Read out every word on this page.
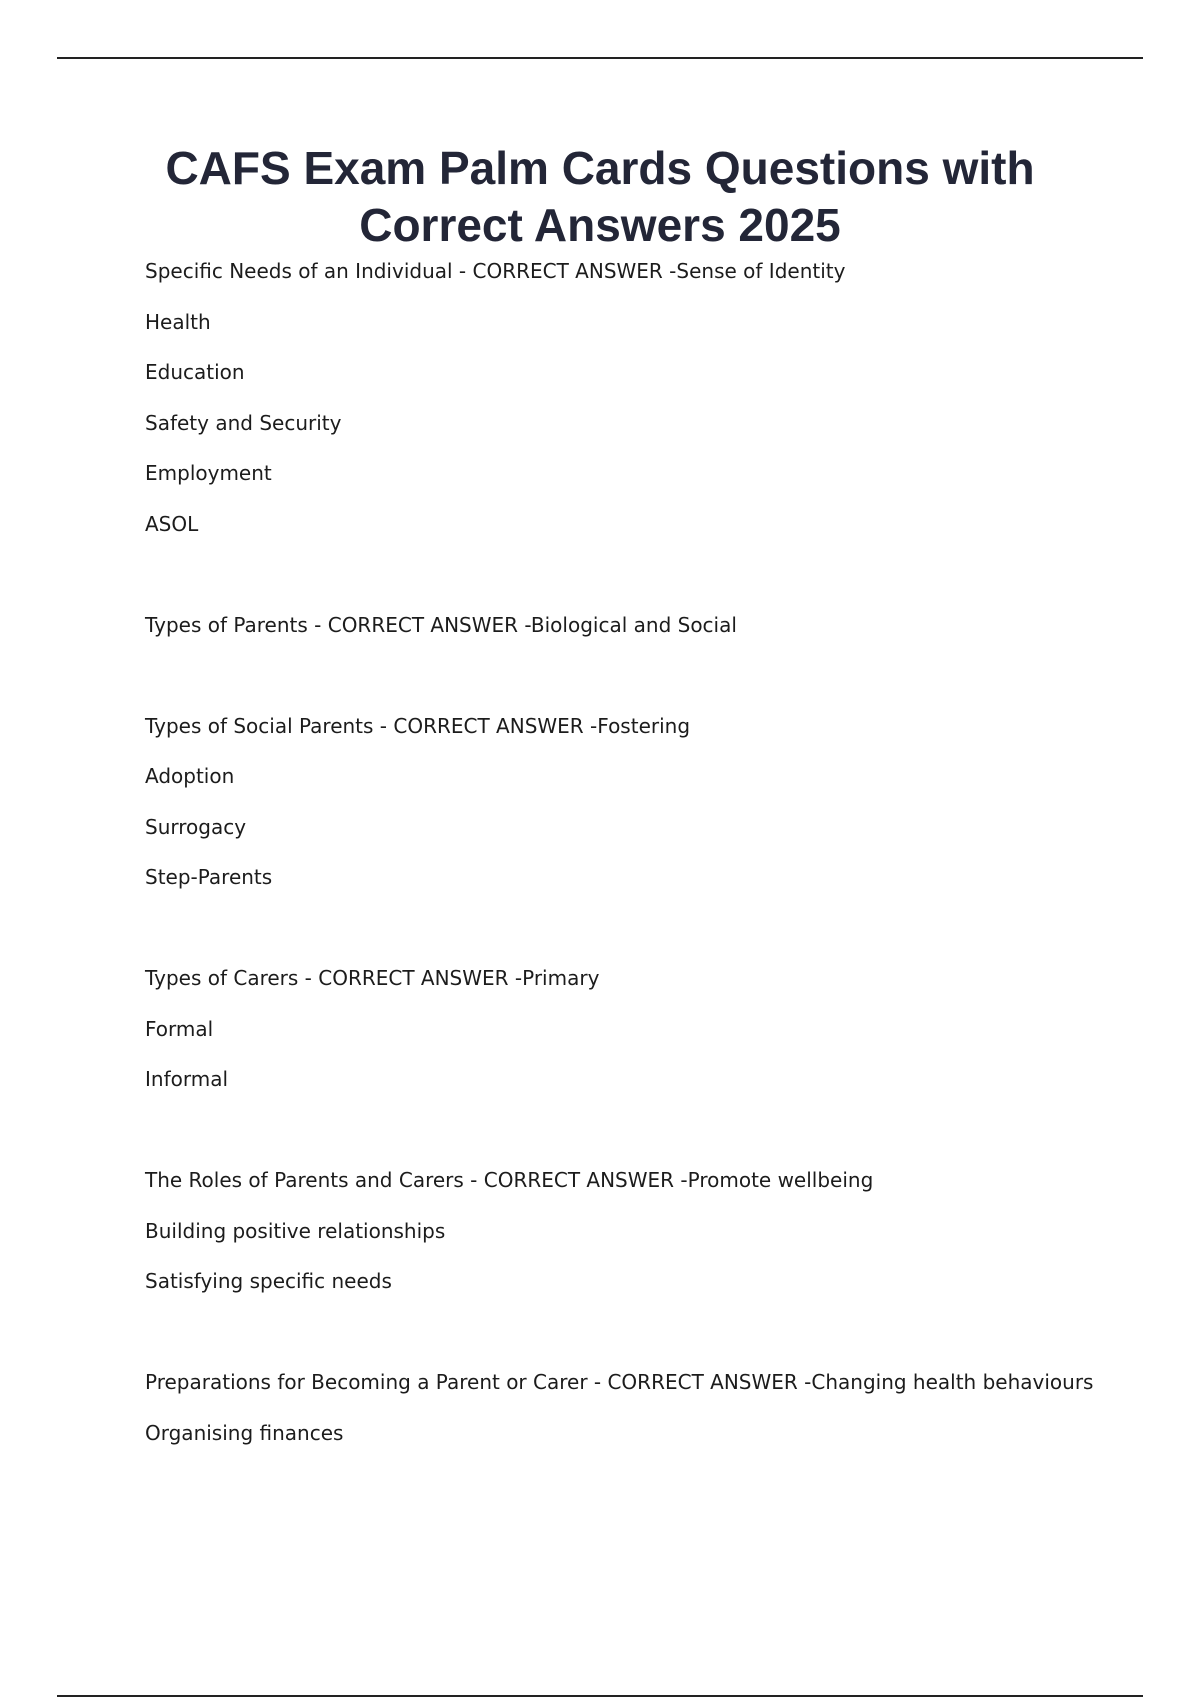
CAFS Exam Palm Cards Questions with
Correct Answers 2025
Specific Needs of an Individual - CORRECT ANSWER -Sense of Identity
Health
Education
Safety and Security
Employment
ASOL
Types of Parents - CORRECT ANSWER -Biological and Social
Types of Social Parents - CORRECT ANSWER -Fostering
Adoption
Surrogacy
Step-Parents
Types of Carers - CORRECT ANSWER -Primary
Formal
Informal
The Roles of Parents and Carers - CORRECT ANSWER -Promote wellbeing
Building positive relationships
Satisfying specific needs
Preparations for Becoming a Parent or Carer - CORRECT ANSWER -Changing health behaviours
Organising finances
